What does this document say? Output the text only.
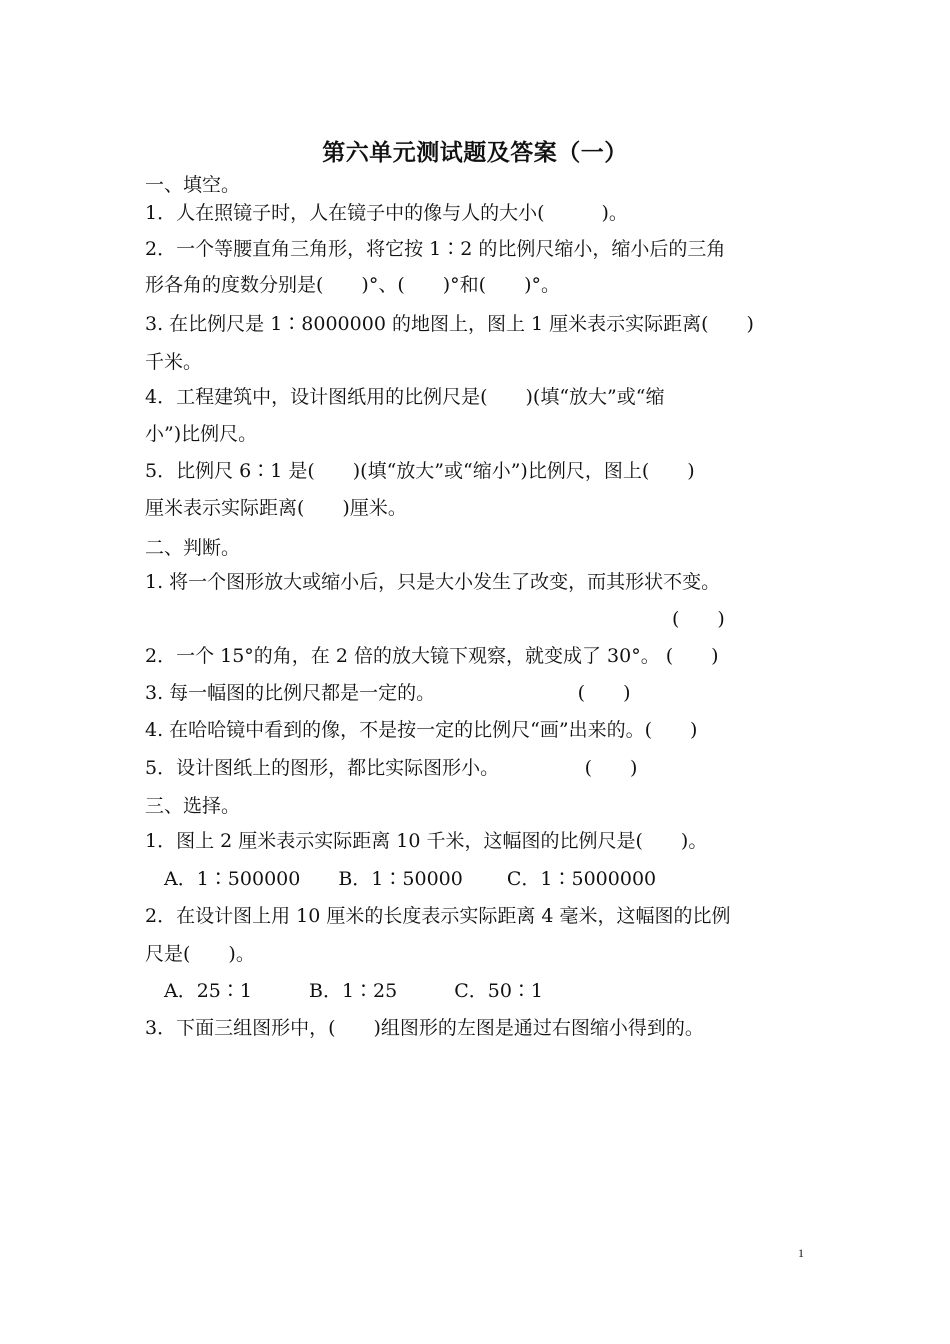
第六单元测试题及答案（一）
一、填空。
1．人在照镜子时，人在镜子中的像与人的大小(　　　)。
2．一个等腰直角三角形，将它按 1∶2 的比例尺缩小，缩小后的三角
形各角的度数分别是(　　)°、(　　)°和(　　)°。
3. 在比例尺是 1∶8000000 的地图上，图上 1 厘米表示实际距离(　　)
千米。
4．工程建筑中，设计图纸用的比例尺是(　　)(填“放大”或“缩
小”)比例尺。
5．比例尺 6∶1 是(　　)(填“放大”或“缩小”)比例尺，图上(　　)
厘米表示实际距离(　　)厘米。
二、判断。
1. 将一个图形放大或缩小后，只是大小发生了改变，而其形状不变。
(　　)
2．一个 15°的角，在 2 倍的放大镜下观察，就变成了 30°。 (　　)
3. 每一幅图的比例尺都是一定的。　　　　　　　　(　　)
4. 在哈哈镜中看到的像，不是按一定的比例尺“画”出来的。(　　)
5．设计图纸上的图形，都比实际图形小。　　　　　(　　)
三、选择。
1．图上 2 厘米表示实际距离 10 千米，这幅图的比例尺是(　　)。
　A．1∶500000　　B．1∶50000　　 C．1∶5000000
2．在设计图上用 10 厘米的长度表示实际距离 4 毫米，这幅图的比例
尺是(　　)。
　A．25∶1　　　B．1∶25　　　C．50∶1
3．下面三组图形中，(　　)组图形的左图是通过右图缩小得到的。
1
